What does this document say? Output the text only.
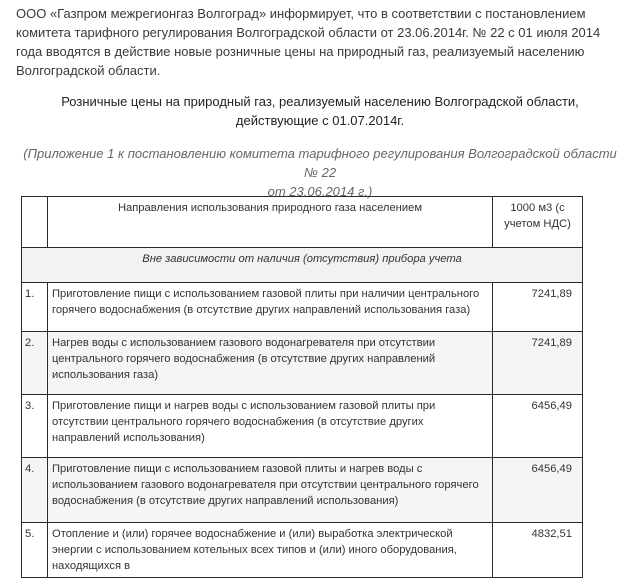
ООО «Газпром межрегионгаз Волгоград» информирует, что в соответствии с постановлением
комитета тарифного регулирования Волгоградской области от 23.06.2014г. № 22 с 01 июля 2014
года вводятся в действие новые розничные цены на природный газ, реализуемый населению
Волгоградской области.
Розничные цены на природный газ, реализуемый населению Волгоградской области,
действующие с 01.07.2014г.
(Приложение 1 к постановлению комитета тарифного регулирования Волгоградской области № 22
от 23.06.2014 г.)
	Направления использования природного газа населением	1000 м3 (с учетом НДС)
Вне зависимости от наличия (отсутствия) прибора учета		
1.	Приготовление пищи с использованием газовой плиты при наличии центрального горячего водоснабжения (в отсутствие других направлений использования газа)	7241,89
2.	Нагрев воды с использованием газового водонагревателя при отсутствии центрального горячего водоснабжения (в отсутствие других направлений использования газа)	7241,89
3.	Приготовление пищи и нагрев воды с использованием газовой плиты при отсутствии центрального горячего водоснабжения (в отсутствие других направлений использования)	6456,49
4.	Приготовление пищи с использованием газовой плиты и нагрев воды с использованием газового водонагревателя при отсутствии центрального горячего водоснабжения (в отсутствие других направлений использования)	6456,49
5.	Отопление и (или) горячее водоснабжение и (или) выработка электрической энергии с использованием котельных всех типов и (или) иного оборудования, находящихся в	4832,51
